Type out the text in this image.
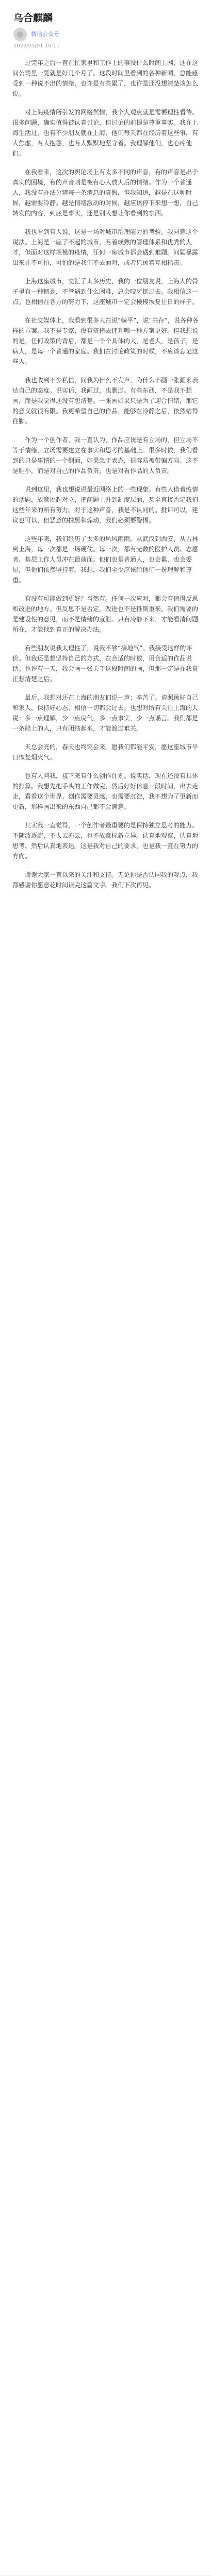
乌合麒麟
微信公众号
2022/05/01 10:11

过完年之后一直在忙家里和工作上的事没什么时间上网，还在这间公司里一晃就是好几个月了。这段时间里看到的各种新闻，总能感受到一种说不出的情绪，也许是有些累了，也许是还没想清楚该怎么说。

对上海疫情所引发的网络舆情，我个人观点就是需要理性看待。很多问题，确实值得被认真讨论，但讨论的前提是尊重事实。我在上海生活过，也有不少朋友就在上海，他们每天都在经历着这些事，有人焦虑，有人抱怨，也有人默默地坚守着。我理解他们，也心疼他们。

在我看来，这次的舆论场上有太多不同的声音，有的声音是出于真实的困境，有的声音则是被有心人放大后的情绪。作为一个普通人，我没有办法分辨每一条消息的真假，但我知道，越是在这种时候，越需要冷静。越是情绪激动的时候，越应该停下来想一想，自己转发的内容，到底是事实，还是别人想让你看到的东西。

我也看到有人说，这是一场对城市治理能力的考验。我同意这个说法。上海是一座了不起的城市，有着成熟的管理体系和优秀的人才，但面对这样规模的疫情，任何一座城市都会遇到难题。问题暴露出来并不可怕，可怕的是我们不去面对，或者只顾着互相指责。

上海这座城市，交汇了太多历史，我的一位朋友说，上海人的骨子里有一种韧劲，不管遇到什么困难，总会咬牙挺过去。我相信这一点。也相信在各方的努力下，这座城市一定会慢慢恢复往日的样子。

在社交媒体上，我看到很多人在说“躺平”，说“共存”，说各种各样的方案。我不是专家，没有资格去评判哪一种方案更好。但我想说的是，任何政策的背后，都是一个个具体的人，是老人，是孩子，是病人，是每一个普通的家庭。我们在讨论政策的时候，不应该忘记这些人。

我也收到不少私信，问我为什么不发声，为什么不画一张画来表达自己的态度。说实话，我画过，也删过。有些东西，不是我不想画，而是我觉得还没有想清楚。一张画如果只是为了迎合情绪，那它的意义就很有限。我更希望自己的作品，能够在冷静之后，依然站得住脚。

作为一个创作者，我一直认为，作品应该是有立场的，但立场不等于情绪，立场需要建立在事实和思考的基础上。很多时候，我们看到的只是事情的一个侧面，如果急于表态，很容易被带偏方向。这不是胆小，而是对自己的作品负责，也是对看作品的人负责。

说到这里，我也想说说最近网络上的一些现象。有些人借着疫情的话题，故意挑起对立，把问题上升到制度层面，甚至直接否定我们这些年来的所有努力。对于这种声音，我是不认同的。批评可以，建议也可以，但恶意的抹黑和煽动，我们必须要警惕。

这些年来，我们经历了太多的风风雨雨。从武汉到西安，从吉林到上海，每一次都是一场硬仗。每一次，都有无数的医护人员、志愿者、基层工作人员冲在最前面。他们也是普通人，也会累，也会委屈，但他们依然坚持着。我想，我们至少应该给他们一份理解和尊重。

有没有可能做到更好？当然有。任何一次应对，都会有值得反思和改进的地方。但反思不是否定，改进也不是推倒重来。我们需要的是建设性的意见，而不是情绪的宣泄。只有冷静下来，才能看清问题所在，才能找到真正的解决办法。

有些朋友说我太理性了，说我不够“接地气”。我接受这样的评价。但我还是想坚持自己的方式，在合适的时候，用合适的作品说话。也许有一天，我会画一张关于这段时间的画，但那一定是在我真正想清楚之后。

最后，我想对还在上海的朋友们说一声：辛苦了。请照顾好自己和家人，保持好心态，相信一切都会过去。也想对所有关注上海的人说：多一点理解，少一点戾气，多一点事实，少一点谣言。我们都是一条船上的人，只有团结起来，才能渡过难关。

天总会亮的，春天也终究会来。愿我们都能平安，愿这座城市早日恢复烟火气。

也有人问我，接下来有什么创作计划。说实话，现在还没有具体的打算。我想先把手头的工作做完，然后好好休息一段时间，出去走走，看看这个世界。创作需要灵感，也需要沉淀，我不想为了更新而更新，那样画出来的东西自己都不会满意。

其实我一直觉得，一个创作者最重要的是保持独立思考的能力。不随波逐流，不人云亦云，也不故意标新立异。认真地观察，认真地思考，然后认真地表达。这是我对自己的要求，也是我一直在努力的方向。

谢谢大家一直以来的关注和支持。无论你是否认同我的观点，我都感谢你愿意花时间读完这篇文字。我们下次再见。
